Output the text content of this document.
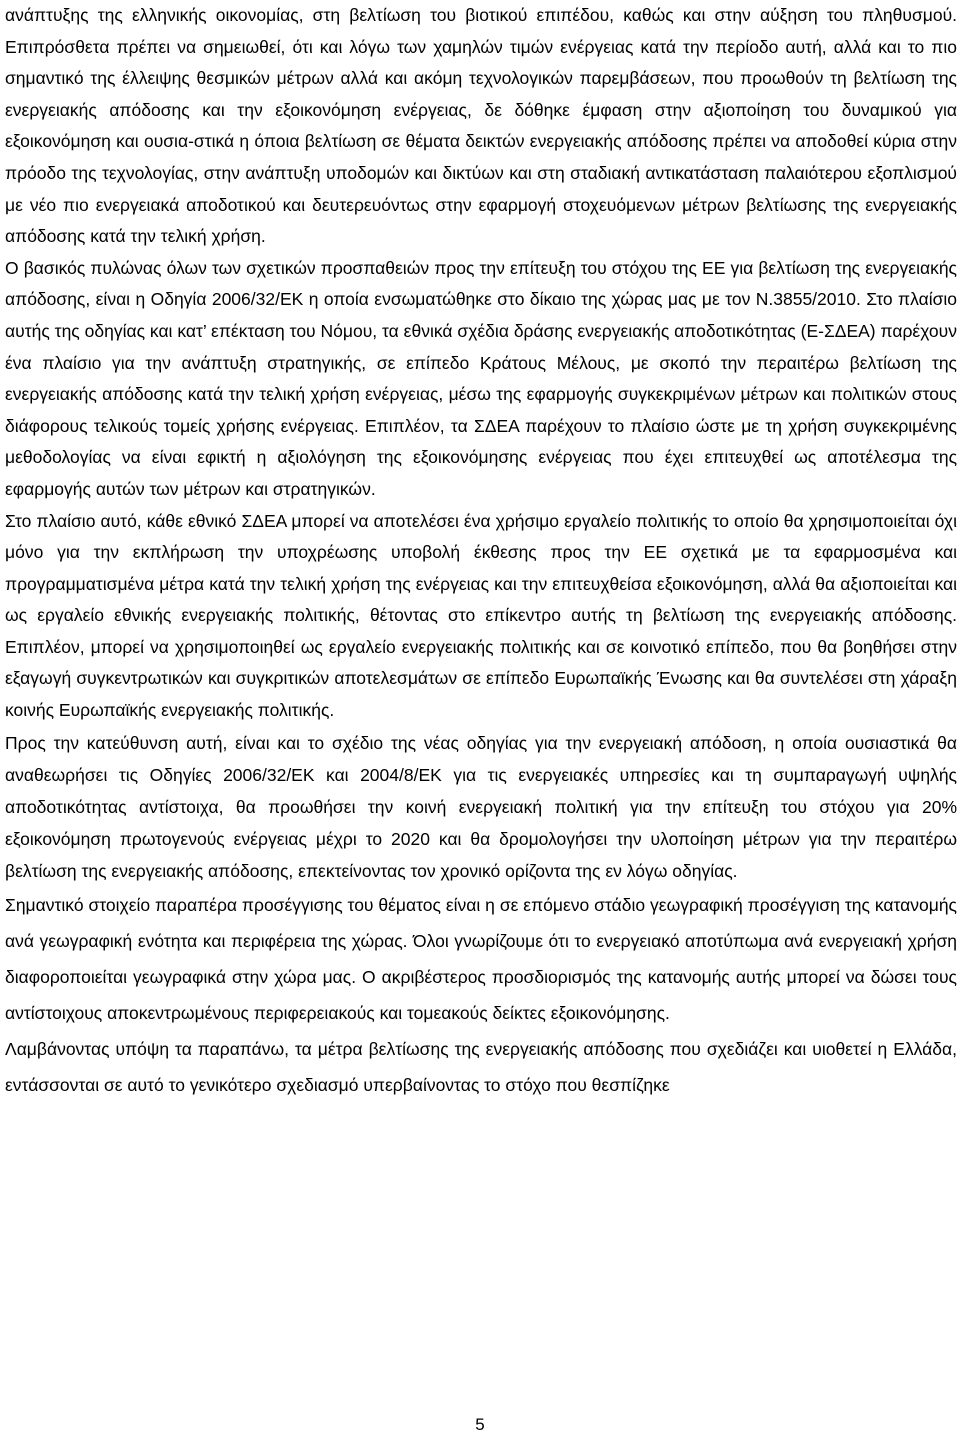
ανάπτυξης της ελληνικής οικονομίας, στη βελτίωση του βιοτικού επιπέδου, καθώς και στην αύξηση του πληθυσμού. Επιπρόσθετα πρέπει να σημειωθεί, ότι και λόγω των χαμηλών τιμών ενέργειας κατά την περίοδο αυτή, αλλά και το πιο σημαντικό της έλλειψης θεσμικών μέτρων αλλά και ακόμη τεχνολογικών παρεμβάσεων, που προωθούν τη βελτίωση της ενεργειακής απόδοσης και την εξοικονόμηση ενέργειας, δε δόθηκε έμφαση στην αξιοποίηση του δυναμικού για εξοικονόμηση και ουσια-στικά η όποια βελτίωση σε θέματα δεικτών ενεργειακής απόδοσης πρέπει να αποδοθεί κύρια στην πρόοδο της τεχνολογίας, στην ανάπτυξη υποδομών και δικτύων και στη σταδιακή αντικατάσταση παλαιότερου εξοπλισμού με νέο πιο ενεργειακά αποδοτικού και δευτερευόντως στην εφαρμογή στοχευόμενων μέτρων βελτίωσης της ενεργειακής απόδοσης κατά την τελική χρήση.

Ο βασικός πυλώνας όλων των σχετικών προσπαθειών προς την επίτευξη του στόχου της ΕΕ για βελτίωση της ενεργειακής απόδοσης, είναι η Οδηγία 2006/32/ΕΚ η οποία ενσωματώθηκε στο δίκαιο της χώρας μας με τον Ν.3855/2010. Στο πλαίσιο αυτής της οδηγίας και κατ’ επέκταση του Νόμου, τα εθνικά σχέδια δράσης ενεργειακής αποδοτικότητας (Ε-ΣΔΕΑ) παρέχουν ένα πλαίσιο για την ανάπτυξη στρατηγικής, σε επίπεδο Κράτους Μέλους, με σκοπό την περαιτέρω βελτίωση της ενεργειακής απόδοσης κατά την τελική χρήση ενέργειας, μέσω της εφαρμογής συγκεκριμένων μέτρων και πολιτικών στους διάφορους τελικούς τομείς χρήσης ενέργειας. Επιπλέον, τα ΣΔΕΑ παρέχουν το πλαίσιο ώστε με τη χρήση συγκεκριμένης μεθοδολογίας να είναι εφικτή η αξιολόγηση της εξοικονόμησης ενέργειας που έχει επιτευχθεί ως αποτέλεσμα της εφαρμογής αυτών των μέτρων και στρατηγικών.

Στο πλαίσιο αυτό, κάθε εθνικό ΣΔΕΑ μπορεί να αποτελέσει ένα χρήσιμο εργαλείο πολιτικής το οποίο θα χρησιμοποιείται όχι μόνο για την εκπλήρωση την υποχρέωσης υποβολή έκθεσης προς την ΕΕ σχετικά με τα εφαρμοσμένα και προγραμματισμένα μέτρα κατά την τελική χρήση της ενέργειας και την επιτευχθείσα εξοικονόμηση, αλλά θα αξιοποιείται και ως εργαλείο εθνικής ενεργειακής πολιτικής, θέτοντας στο επίκεντρο αυτής τη βελτίωση της ενεργειακής απόδοσης. Επιπλέον, μπορεί να χρησιμοποιηθεί ως εργαλείο ενεργειακής πολιτικής και σε κοινοτικό επίπεδο, που θα βοηθήσει στην εξαγωγή συγκεντρωτικών και συγκριτικών αποτελεσμάτων σε επίπεδο Ευρωπαϊκής Ένωσης και θα συντελέσει στη χάραξη κοινής Ευρωπαϊκής ενεργειακής πολιτικής.

Προς την κατεύθυνση αυτή, είναι και το σχέδιο της νέας οδηγίας για την ενεργειακή απόδοση, η οποία ουσιαστικά θα αναθεωρήσει τις Οδηγίες 2006/32/ΕΚ και 2004/8/ΕΚ για τις ενεργειακές υπηρεσίες και τη συμπαραγωγή υψηλής αποδοτικότητας αντίστοιχα, θα προωθήσει την κοινή ενεργειακή πολιτική για την επίτευξη του στόχου για 20% εξοικονόμηση πρωτογενούς ενέργειας μέχρι το 2020 και θα δρομολογήσει την υλοποίηση μέτρων για την περαιτέρω βελτίωση της ενεργειακής απόδοσης, επεκτείνοντας τον χρονικό ορίζοντα της εν λόγω οδηγίας.

Σημαντικό στοιχείο παραπέρα προσέγγισης του θέματος είναι η σε επόμενο στάδιο γεωγραφική προσέγγιση της κατανομής ανά γεωγραφική ενότητα και περιφέρεια της χώρας. Όλοι γνωρίζουμε ότι το ενεργειακό αποτύπωμα ανά ενεργειακή χρήση διαφοροποιείται γεωγραφικά στην χώρα μας. Ο ακριβέστερος προσδιορισμός της κατανομής αυτής μπορεί να δώσει τους αντίστοιχους αποκεντρωμένους περιφερειακούς και τομεακούς δείκτες εξοικονόμησης.

Λαμβάνοντας υπόψη τα παραπάνω, τα μέτρα βελτίωσης της ενεργειακής απόδοσης που σχεδιάζει και υιοθετεί η Ελλάδα, εντάσσονται σε αυτό το γενικότερο σχεδιασμό υπερβαίνοντας το στόχο που θεσπίζηκε

5
